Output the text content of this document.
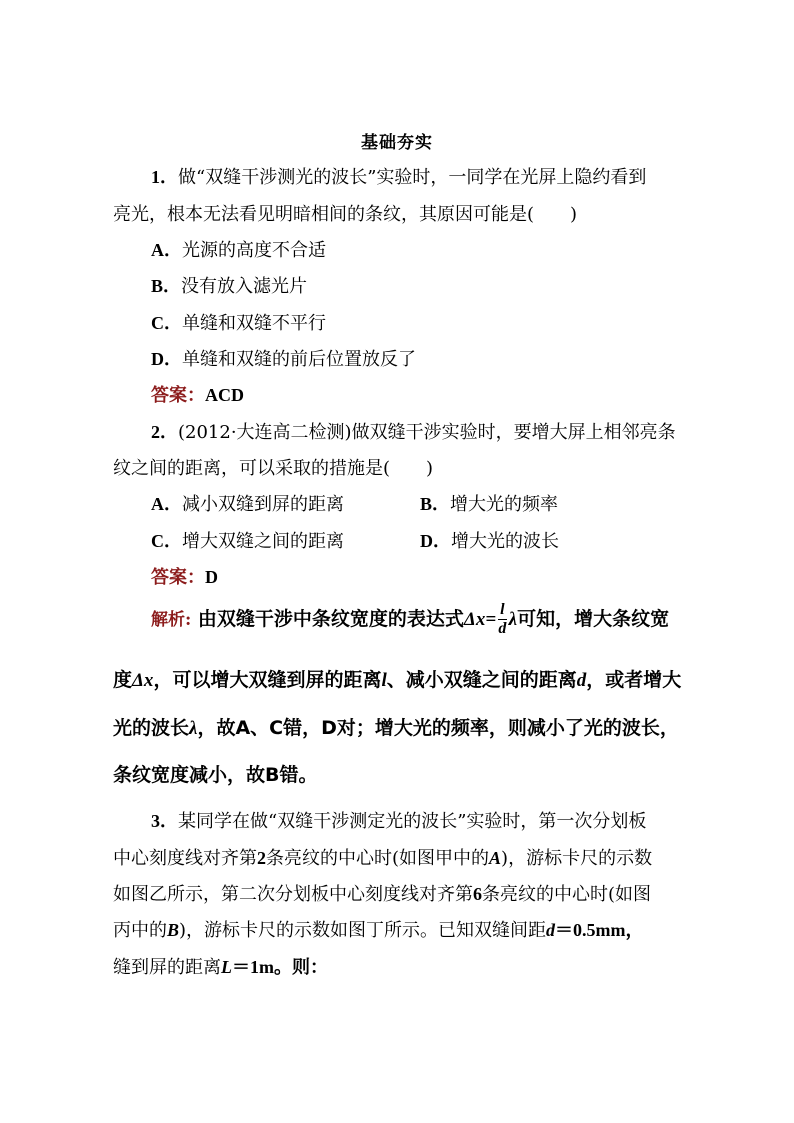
基础夯实
1．做“双缝干涉测光的波长”实验时，一同学在光屏上隐约看到
亮光，根本无法看见明暗相间的条纹，其原因可能是(　　)
A．光源的高度不合适
B．没有放入滤光片
C．单缝和双缝不平行
D．单缝和双缝的前后位置放反了
答案：ACD
2．(2012·大连高二检测)做双缝干涉实验时，要增大屏上相邻亮条
纹之间的距离，可以采取的措施是(　　)
A．减小双缝到屏的距离	B．增大光的频率
C．增大双缝之间的距离	D．增大光的波长
答案：D
解析: 由双缝干涉中条纹宽度的表达式$\Delta x= \frac{l}{d}$ λ可知，增大条纹宽
度Δx，可以增大双缝到屏的距离l、减小双缝之间的距离d，或者增大
光的波长λ，故A、C错，D对；增大光的频率，则减小了光的波长，
条纹宽度减小，故B错。
3．某同学在做“双缝干涉测定光的波长”实验时，第一次分划板
中心刻度线对齐第2条亮纹的中心时(如图甲中的A)，游标卡尺的示数
如图乙所示，第二次分划板中心刻度线对齐第6条亮纹的中心时(如图
丙中的B)，游标卡尺的示数如图丁所示。已知双缝间距d＝0.5mm，
缝到屏的距离L＝1m。则：
